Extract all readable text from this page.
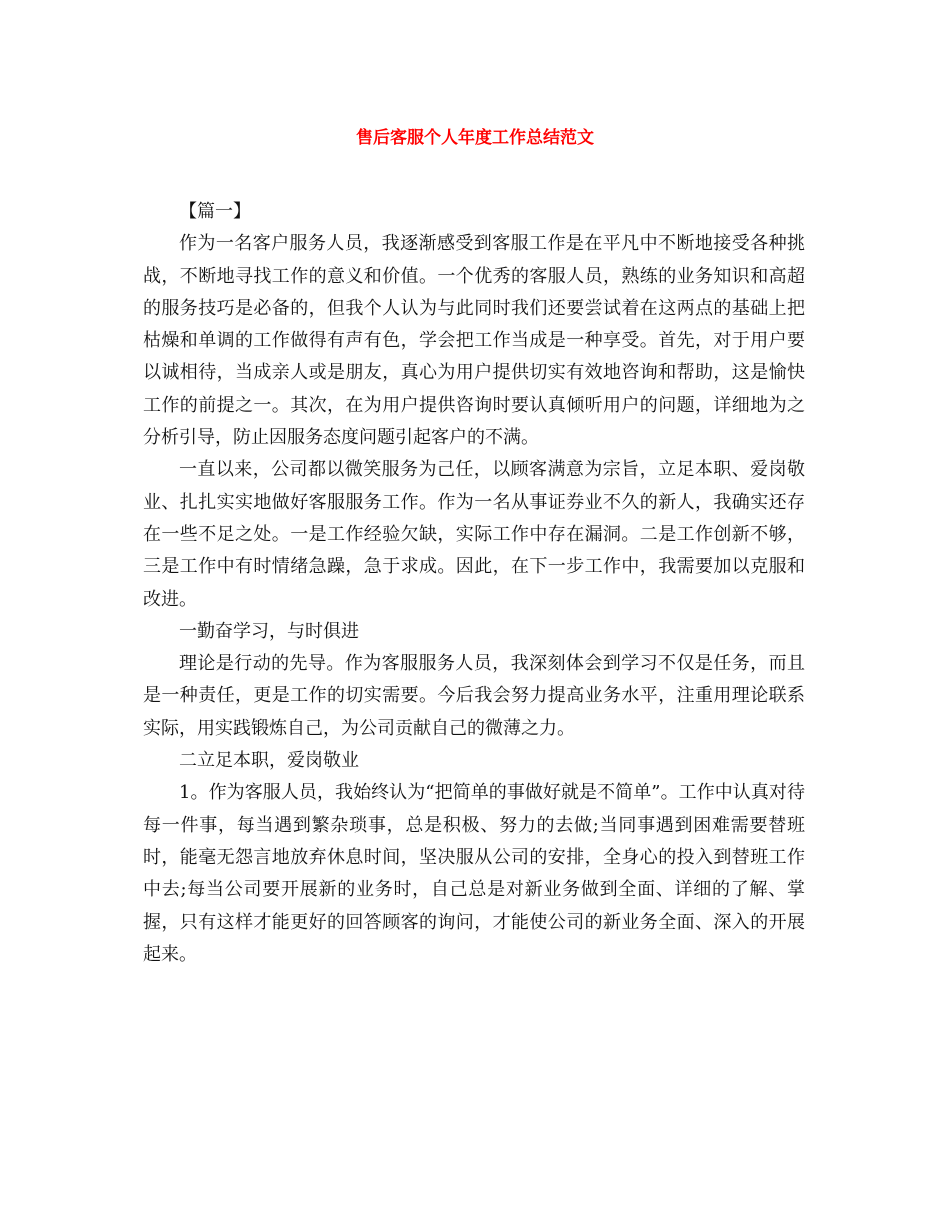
售后客服个人年度工作总结范文

【篇一】

作为一名客户服务人员，我逐渐感受到客服工作是在平凡中不断地接受各种挑战，不断地寻找工作的意义和价值。一个优秀的客服人员，熟练的业务知识和高超的服务技巧是必备的，但我个人认为与此同时我们还要尝试着在这两点的基础上把枯燥和单调的工作做得有声有色，学会把工作当成是一种享受。首先，对于用户要以诚相待，当成亲人或是朋友，真心为用户提供切实有效地咨询和帮助，这是愉快工作的前提之一。其次，在为用户提供咨询时要认真倾听用户的问题，详细地为之分析引导，防止因服务态度问题引起客户的不满。

一直以来，公司都以微笑服务为己任，以顾客满意为宗旨，立足本职、爱岗敬业、扎扎实实地做好客服服务工作。作为一名从事证券业不久的新人，我确实还存在一些不足之处。一是工作经验欠缺，实际工作中存在漏洞。二是工作创新不够，三是工作中有时情绪急躁，急于求成。因此，在下一步工作中，我需要加以克服和改进。

一勤奋学习，与时俱进

理论是行动的先导。作为客服服务人员，我深刻体会到学习不仅是任务，而且是一种责任，更是工作的切实需要。今后我会努力提高业务水平，注重用理论联系实际，用实践锻炼自己，为公司贡献自己的微薄之力。

二立足本职，爱岗敬业

1。作为客服人员，我始终认为“把简单的事做好就是不简单”。工作中认真对待每一件事，每当遇到繁杂琐事，总是积极、努力的去做;当同事遇到困难需要替班时，能毫无怨言地放弃休息时间，坚决服从公司的安排，全身心的投入到替班工作中去;每当公司要开展新的业务时，自己总是对新业务做到全面、详细的了解、掌握，只有这样才能更好的回答顾客的询问，才能使公司的新业务全面、深入的开展起来。
